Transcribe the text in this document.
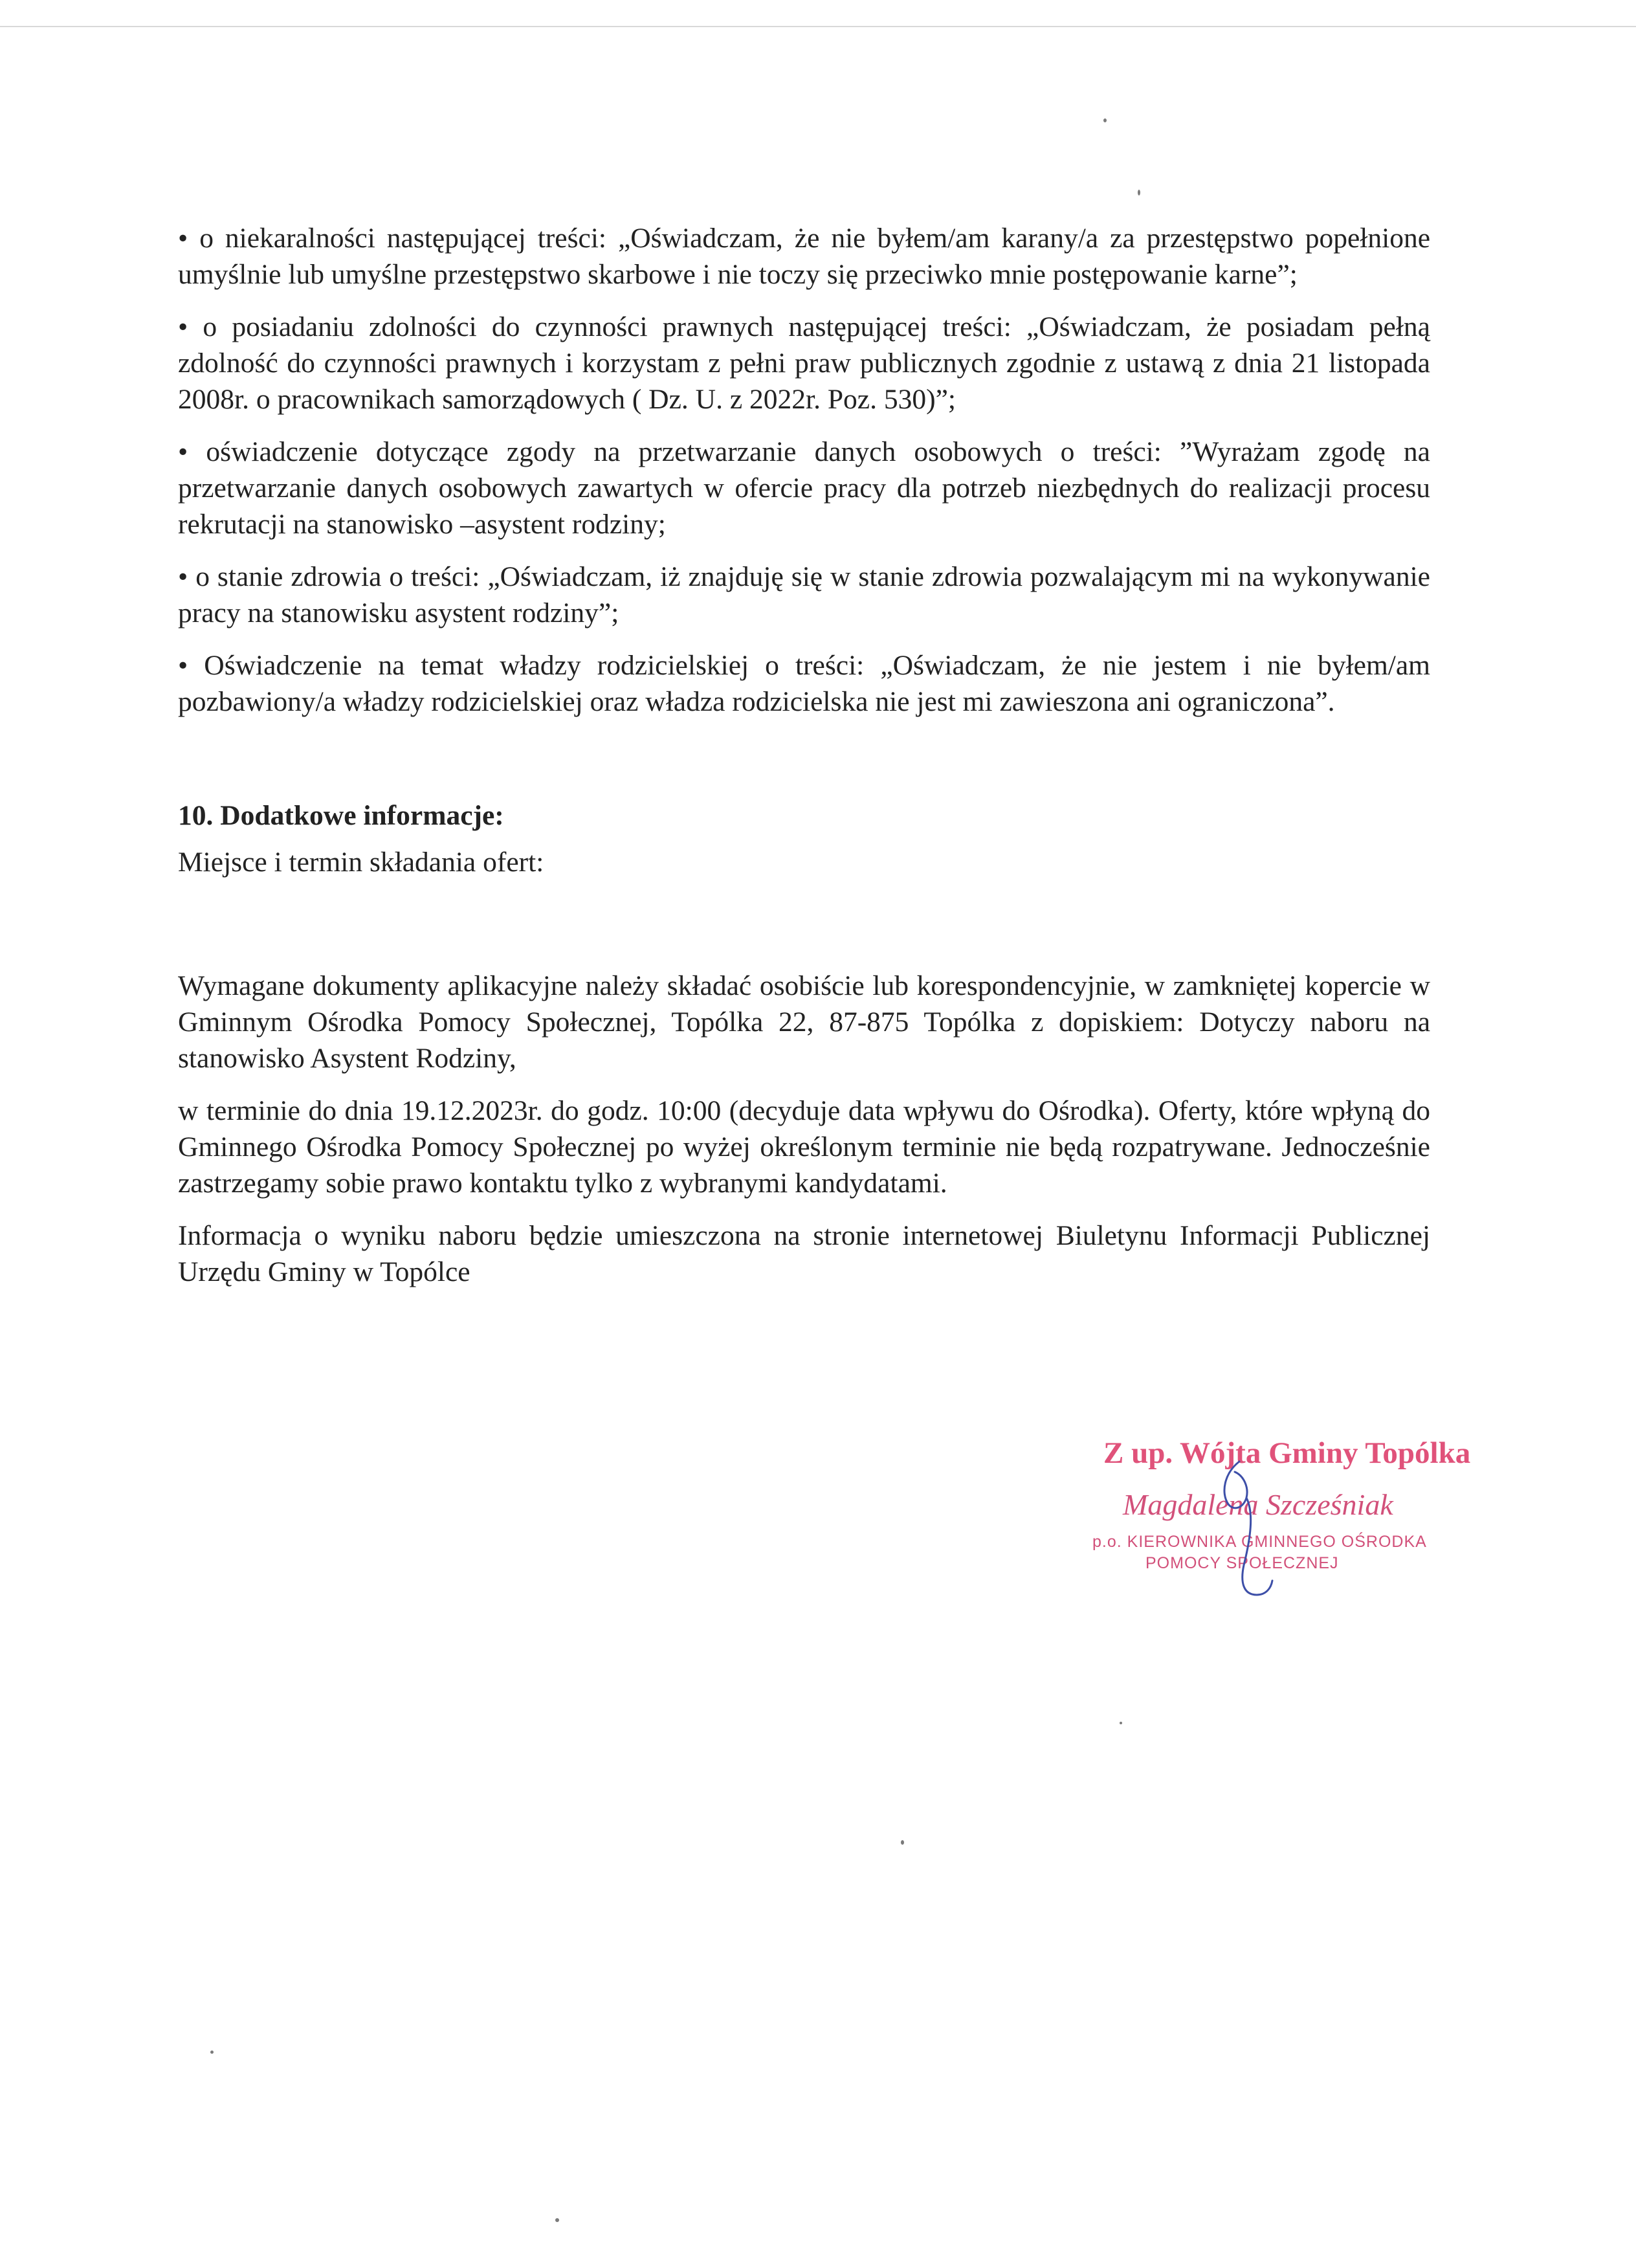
• o niekaralności następującej treści: „Oświadczam, że nie byłem/am karany/a za przestępstwo popełnione umyślnie lub umyślne przestępstwo skarbowe i nie toczy się przeciwko mnie postępowanie karne”;

• o posiadaniu zdolności do czynności prawnych następującej treści: „Oświadczam, że posiadam pełną zdolność do czynności prawnych i korzystam z pełni praw publicznych zgodnie z ustawą z dnia 21 listopada 2008r. o pracownikach samorządowych ( Dz. U. z 2022r. Poz. 530)”;

• oświadczenie dotyczące zgody na przetwarzanie danych osobowych o treści: ”Wyrażam zgodę na przetwarzanie danych osobowych zawartych w ofercie pracy dla potrzeb niezbędnych do realizacji procesu rekrutacji na stanowisko –asystent rodziny;

• o stanie zdrowia o treści: „Oświadczam, iż znajduję się w stanie zdrowia pozwalającym mi na wykonywanie pracy na stanowisku asystent rodziny”;

• Oświadczenie na temat władzy rodzicielskiej o treści: „Oświadczam, że nie jestem i nie byłem/am pozbawiony/a władzy rodzicielskiej oraz władza rodzicielska nie jest mi zawieszona ani ograniczona”.

10. Dodatkowe informacje:

Miejsce i termin składania ofert:

Wymagane dokumenty aplikacyjne należy składać osobiście lub korespondencyjnie, w zamkniętej kopercie w Gminnym Ośrodka Pomocy Społecznej, Topólka 22, 87-875 Topólka z dopiskiem: Dotyczy naboru na stanowisko Asystent Rodziny,

w terminie do dnia 19.12.2023r. do godz. 10:00 (decyduje data wpływu do Ośrodka). Oferty, które wpłyną do Gminnego Ośrodka Pomocy Społecznej po wyżej określonym terminie nie będą rozpatrywane. Jednocześnie zastrzegamy sobie prawo kontaktu tylko z wybranymi kandydatami.

Informacja o wyniku naboru będzie umieszczona na stronie internetowej Biuletynu Informacji Publicznej Urzędu Gminy w Topólce

Z up. Wójta Gminy Topólka
Magdalena Szcześniak
p.o. KIEROWNIKA GMINNEGO OŚRODKA
POMOCY SPOŁECZNEJ
